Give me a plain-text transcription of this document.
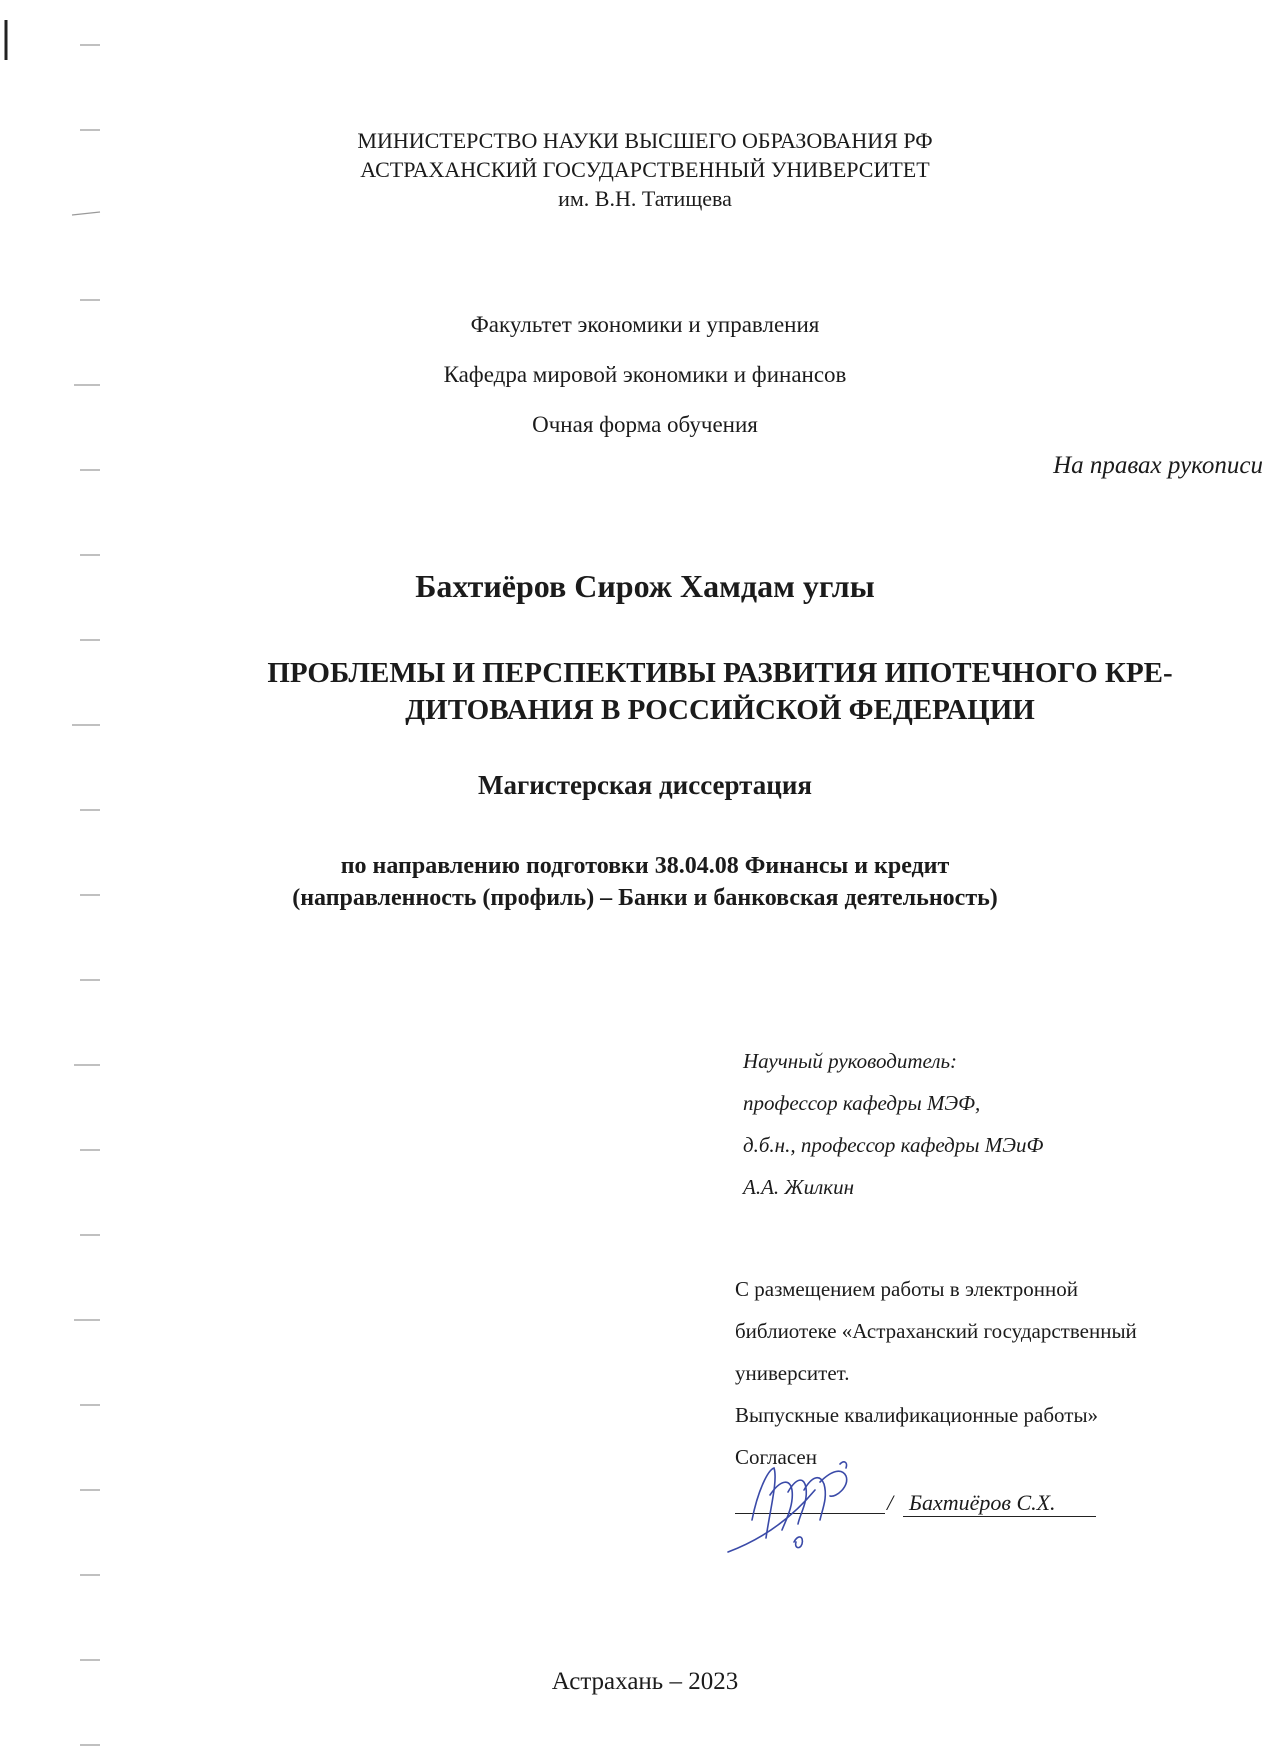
МИНИСТЕРСТВО НАУКИ ВЫСШЕГО ОБРАЗОВАНИЯ РФ
АСТРАХАНСКИЙ ГОСУДАРСТВЕННЫЙ УНИВЕРСИТЕТ
им. В.Н. Татищева
Факультет экономики и управления
Кафедра мировой экономики и финансов
Очная форма обучения
На правах рукописи
Бахтиёров Сирож Хамдам углы
ПРОБЛЕМЫ И ПЕРСПЕКТИВЫ РАЗВИТИЯ ИПОТЕЧНОГО КРЕ-
ДИТОВАНИЯ В РОССИЙСКОЙ ФЕДЕРАЦИИ
Магистерская диссертация
по направлению подготовки 38.04.08 Финансы и кредит
(направленность (профиль) – Банки и банковская деятельность)
Научный руководитель:
профессор кафедры МЭФ,
д.б.н., профессор кафедры МЭиФ
А.А. Жилкин
С размещением работы в электронной
библиотеке «Астраханский государственный
университет.
Выпускные квалификационные работы»
Согласен
/ Бахтиёров С.Х.
Астрахань – 2023
